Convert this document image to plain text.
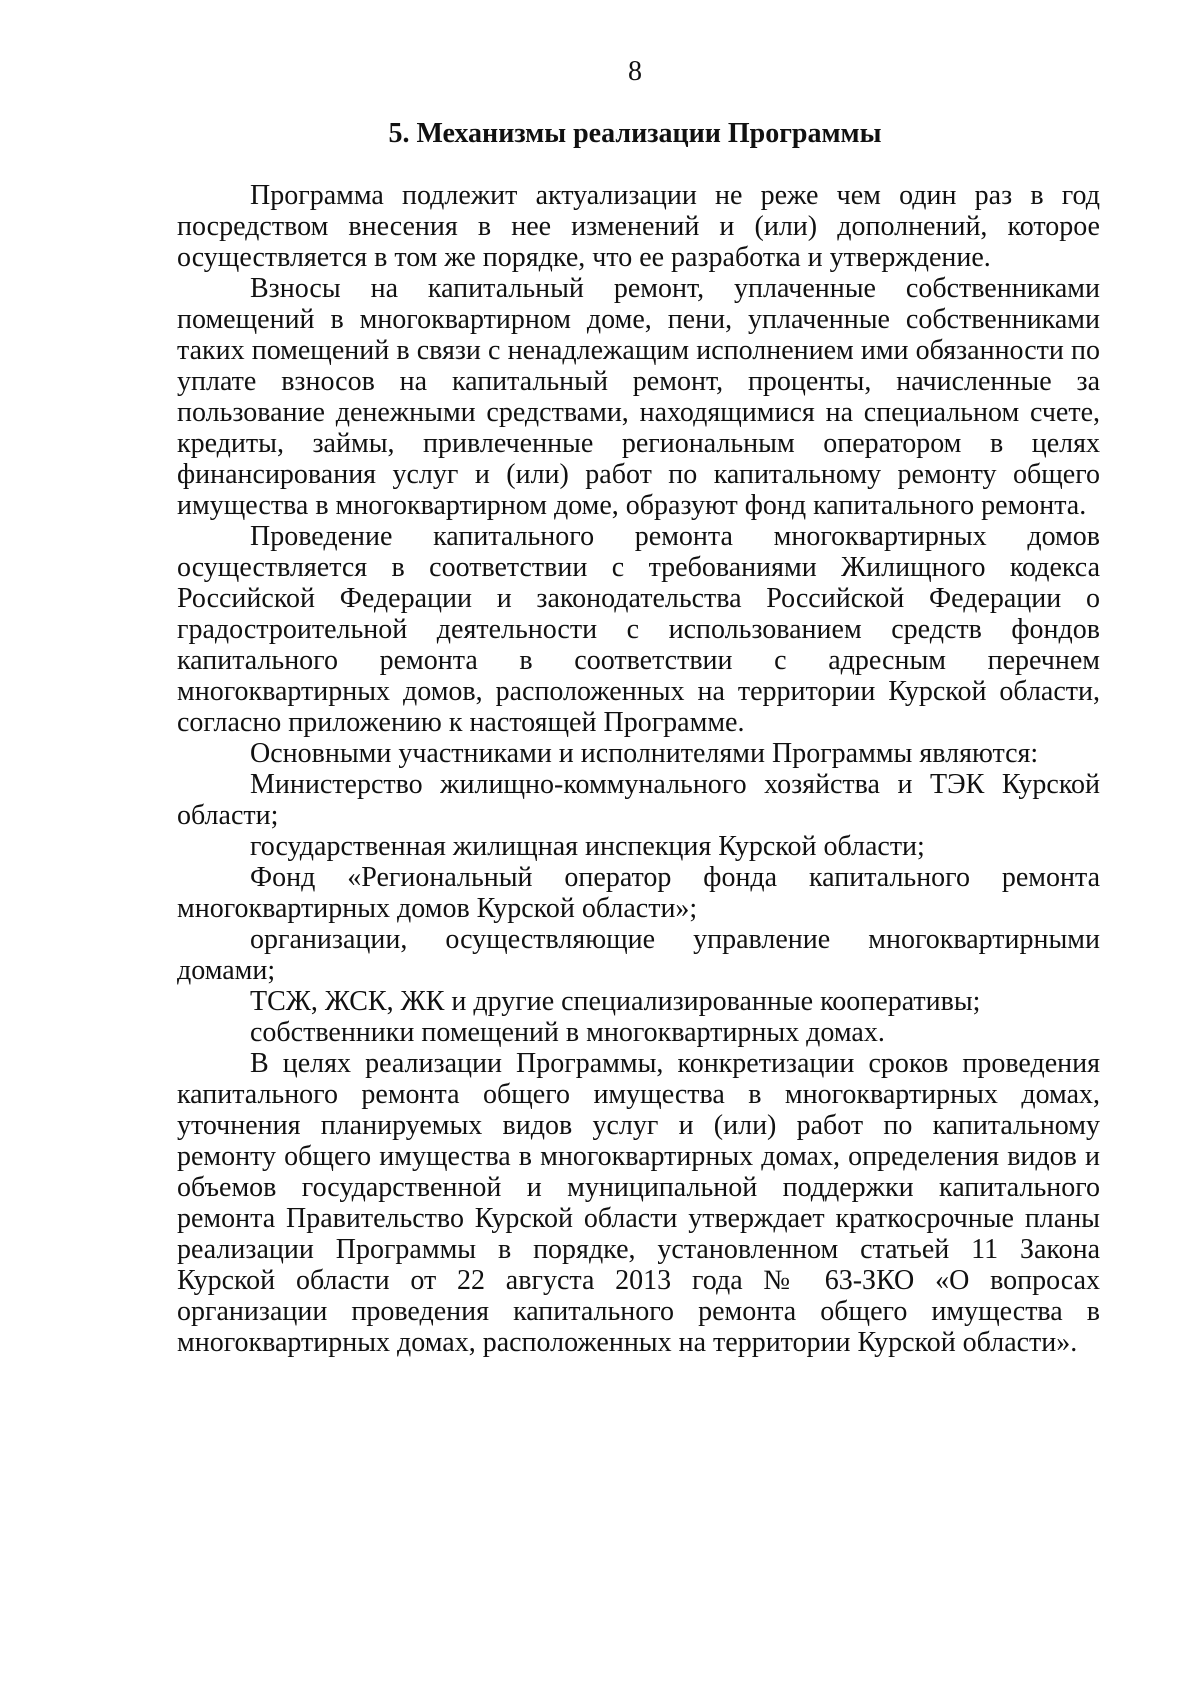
8
5. Механизмы реализации Программы

Программа подлежит актуализации не реже чем один раз в год посредством внесения в нее изменений и (или) дополнений, которое осуществляется в том же порядке, что ее разработка и утверждение.

Взносы на капитальный ремонт, уплаченные собственниками помещений в многоквартирном доме, пени, уплаченные собственниками таких помещений в связи с ненадлежащим исполнением ими обязанности по уплате взносов на капитальный ремонт, проценты, начисленные за пользование денежными средствами, находящимися на специальном счете, кредиты, займы, привлеченные региональным оператором в целях финансирования услуг и (или) работ по капитальному ремонту общего имущества в многоквартирном доме, образуют фонд капитального ремонта.

Проведение капитального ремонта многоквартирных домов осуществляется в соответствии с требованиями Жилищного кодекса Российской Федерации и законодательства Российской Федерации о градостроительной деятельности с использованием средств фондов капитального ремонта в соответствии с адресным перечнем многоквартирных домов, расположенных на территории Курской области, согласно приложению к настоящей Программе.

Основными участниками и исполнителями Программы являются:

Министерство жилищно-коммунального хозяйства и ТЭК Курской области;

государственная жилищная инспекция Курской области;

Фонд «Региональный оператор фонда капитального ремонта многоквартирных домов Курской области»;

организации, осуществляющие управление многоквартирными домами;

ТСЖ, ЖСК, ЖК и другие специализированные кооперативы;

собственники помещений в многоквартирных домах.

В целях реализации Программы, конкретизации сроков проведения капитального ремонта общего имущества в многоквартирных домах, уточнения планируемых видов услуг и (или) работ по капитальному ремонту общего имущества в многоквартирных домах, определения видов и объемов государственной и муниципальной поддержки капитального ремонта Правительство Курской области утверждает краткосрочные планы реализации Программы в порядке, установленном статьей 11 Закона Курской области от 22 августа 2013 года № 63-ЗКО «О вопросах организации проведения капитального ремонта общего имущества в многоквартирных домах, расположенных на территории Курской области».
